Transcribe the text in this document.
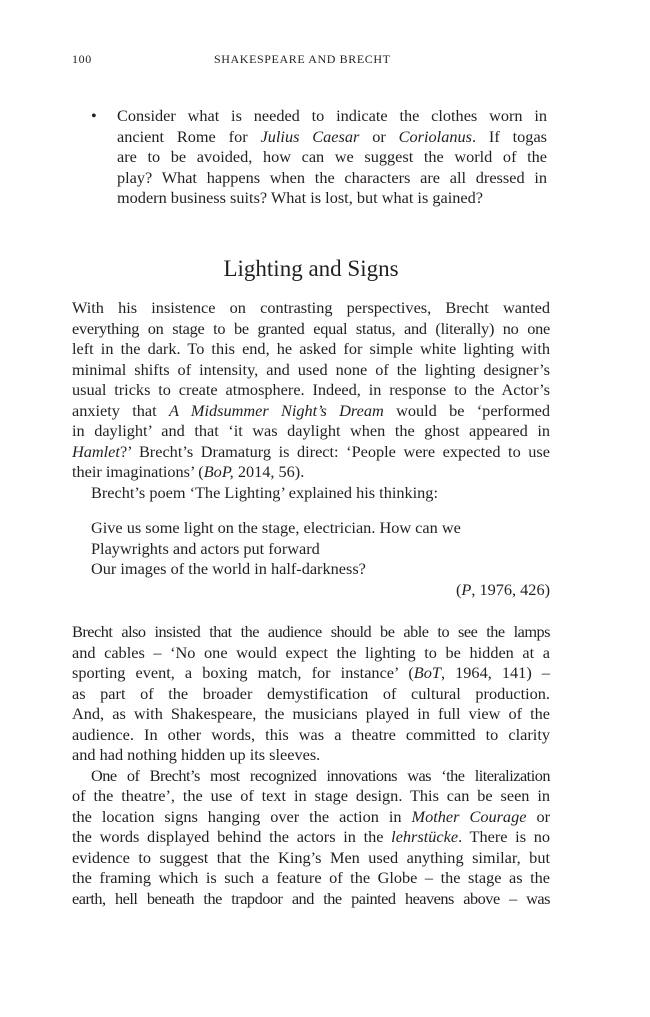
100	SHAKESPEARE AND BRECHT
• Consider what is needed to indicate the clothes worn in
ancient Rome for Julius Caesar or Coriolanus. If togas
are to be avoided, how can we suggest the world of the
play? What happens when the characters are all dressed in
modern business suits? What is lost, but what is gained?
Lighting and Signs
With his insistence on contrasting perspectives, Brecht wanted
everything on stage to be granted equal status, and (literally) no one
left in the dark. To this end, he asked for simple white lighting with
minimal shifts of intensity, and used none of the lighting designer’s
usual tricks to create atmosphere. Indeed, in response to the Actor’s
anxiety that A Midsummer Night’s Dream would be ‘performed
in daylight’ and that ‘it was daylight when the ghost appeared in
Hamlet?’ Brecht’s Dramaturg is direct: ‘People were expected to use
their imaginations’ (BoP, 2014, 56).
Brecht’s poem ‘The Lighting’ explained his thinking:
Give us some light on the stage, electrician. How can we
Playwrights and actors put forward
Our images of the world in half-darkness?
(P, 1976, 426)
Brecht also insisted that the audience should be able to see the lamps
and cables – ‘No one would expect the lighting to be hidden at a
sporting event, a boxing match, for instance’ (BoT, 1964, 141) –
as part of the broader demystification of cultural production.
And, as with Shakespeare, the musicians played in full view of the
audience. In other words, this was a theatre committed to clarity
and had nothing hidden up its sleeves.
One of Brecht’s most recognized innovations was ‘the literalization
of the theatre’, the use of text in stage design. This can be seen in
the location signs hanging over the action in Mother Courage or
the words displayed behind the actors in the lehrstücke. There is no
evidence to suggest that the King’s Men used anything similar, but
the framing which is such a feature of the Globe – the stage as the
earth, hell beneath the trapdoor and the painted heavens above – was
